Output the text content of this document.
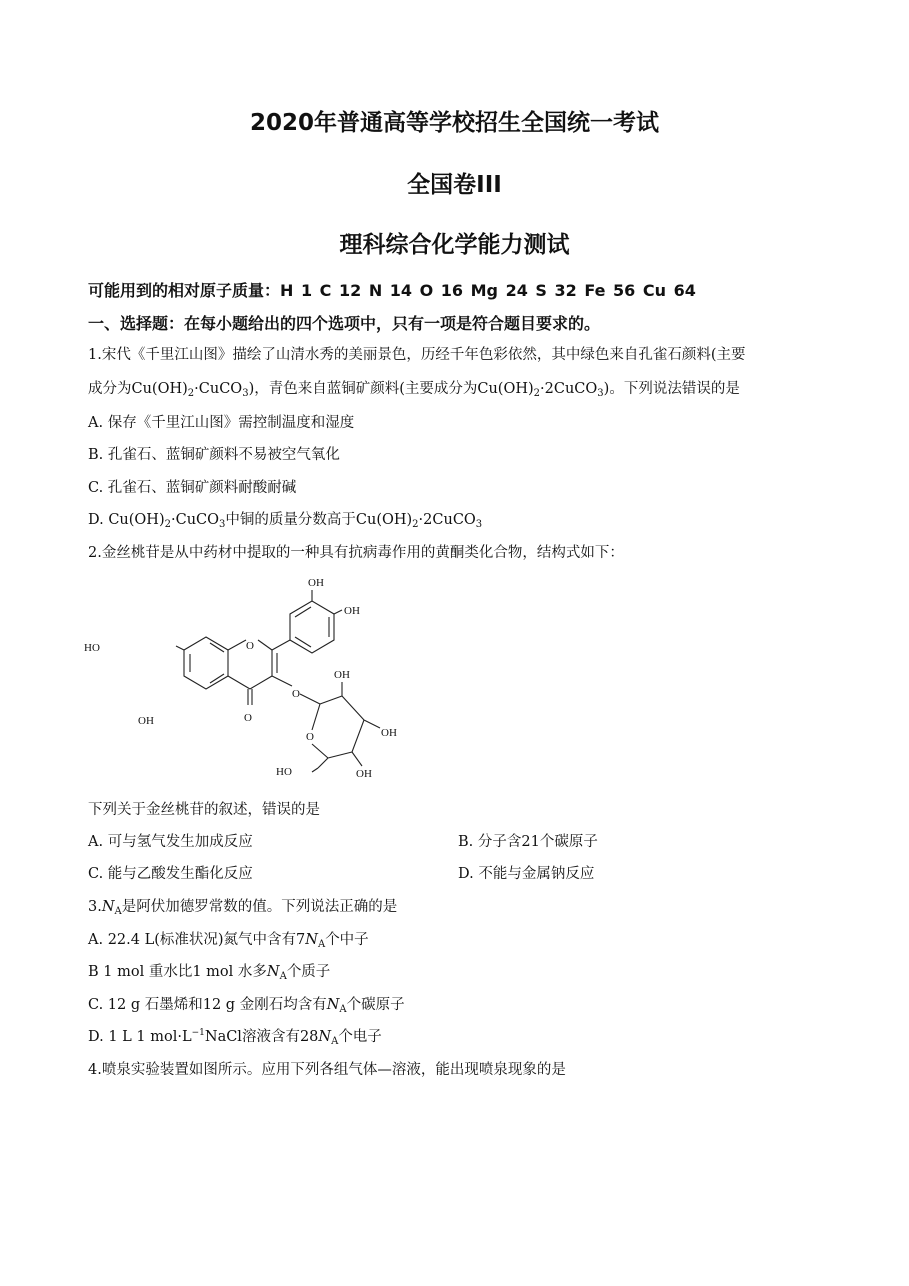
2020年普通高等学校招生全国统一考试
全国卷III
理科综合化学能力测试
可能用到的相对原子质量：H 1 C 12 N 14 O 16 Mg 24 S 32 Fe 56 Cu 64
一、选择题：在每小题给出的四个选项中，只有一项是符合题目要求的。
1.宋代《千里江山图》描绘了山清水秀的美丽景色，历经千年色彩依然，其中绿色来自孔雀石颜料(主要
成分为$Cu(OH)_2\cdot CuCO_3$)，青色来自蓝铜矿颜料(主要成分为$Cu(OH)_2\cdot 2CuCO_3$)。下列说法错误的是
A. 保存《千里江山图》需控制温度和湿度
B. 孔雀石、蓝铜矿颜料不易被空气氧化
C. 孔雀石、蓝铜矿颜料耐酸耐碱
D. $Cu(OH)_2\cdot CuCO_3$中铜的质量分数高于$Cu(OH)_2\cdot 2CuCO_3$
2.金丝桃苷是从中药材中提取的一种具有抗病毒作用的黄酮类化合物，结构式如下：
OH
OH
HO	O
O
OH
O
OH
O	OH
OH
HO
下列关于金丝桃苷的叙述，错误的是
A. 可与氢气发生加成反应	B. 分子含21个碳原子
C. 能与乙酸发生酯化反应	D. 不能与金属钠反应
$3.N_A$是阿伏加德罗常数的值。下列说法正确的是
A. 22.4 L(标准状况)氮气中含有$7N_A$个中子
B 1 mol 重水比1 mol 水多$N_A$个质子
C. 12 g 石墨烯和12 g 金刚石均含有$N_A$个碳原子
D. 1 L 1 $mol\cdot L^{-1}NaCl$溶液含有$28N_A$个电子
4.喷泉实验装置如图所示。应用下列各组气体—溶液，能出现喷泉现象的是
